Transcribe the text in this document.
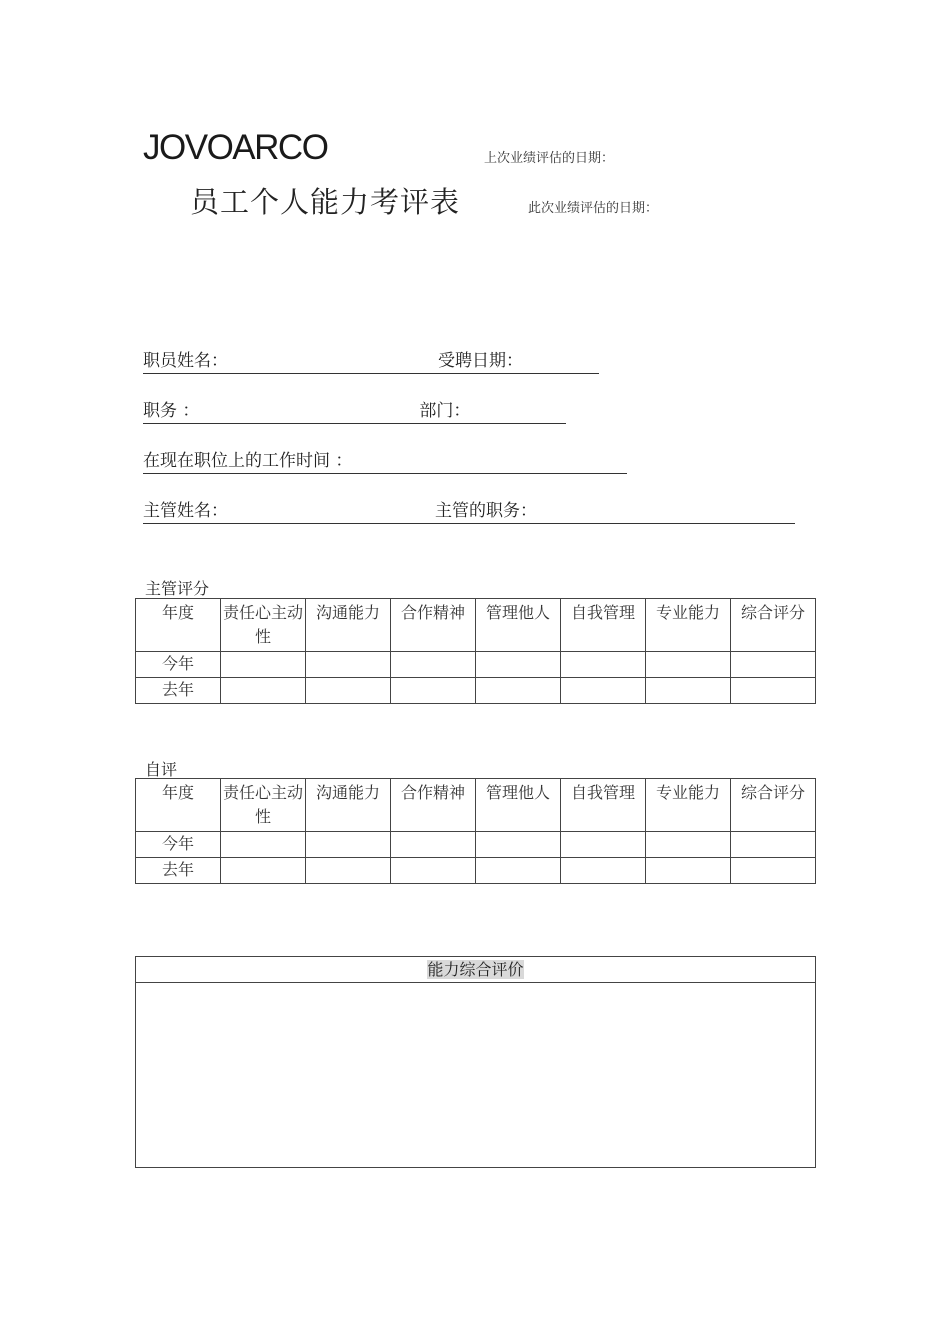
JOVOARCO	上次业绩评估的日期：
员工个人能力考评表	此次业绩评估的日期：
职员姓名：	受聘日期：
职务 ：	部门：
在现在职位上的工作时间 ：
主管姓名：	主管的职务：
主管评分
年度	责任心主动性	沟通能力	合作精神	管理他人	自我管理	专业能力	综合评分
今年							
去年							
自评
年度	责任心主动性	沟通能力	合作精神	管理他人	自我管理	专业能力	综合评分
今年							
去年							
能力综合评价
